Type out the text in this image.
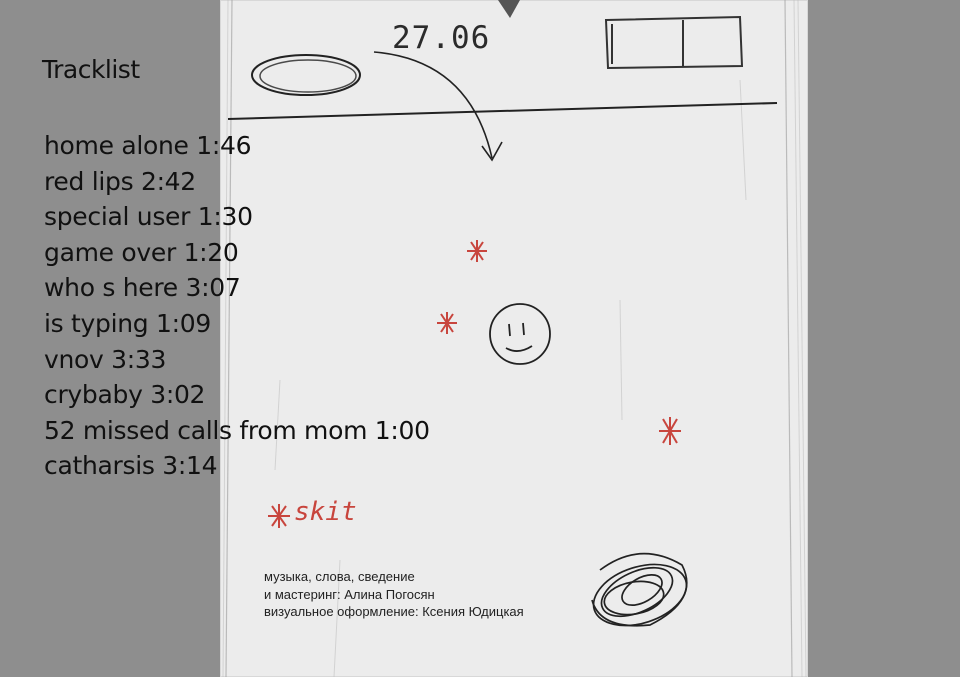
27.06
Tracklist
home alone 1:46
red lips 2:42
special user 1:30
game over 1:20
who s here 3:07
is typing 1:09
vnov 3:33
crybaby 3:02
52 missed calls from mom 1:00
catharsis 3:14
skit
музыка, слова, сведение
и мастеринг: Алина Погосян
визуальное оформление: Ксения Юдицкая
